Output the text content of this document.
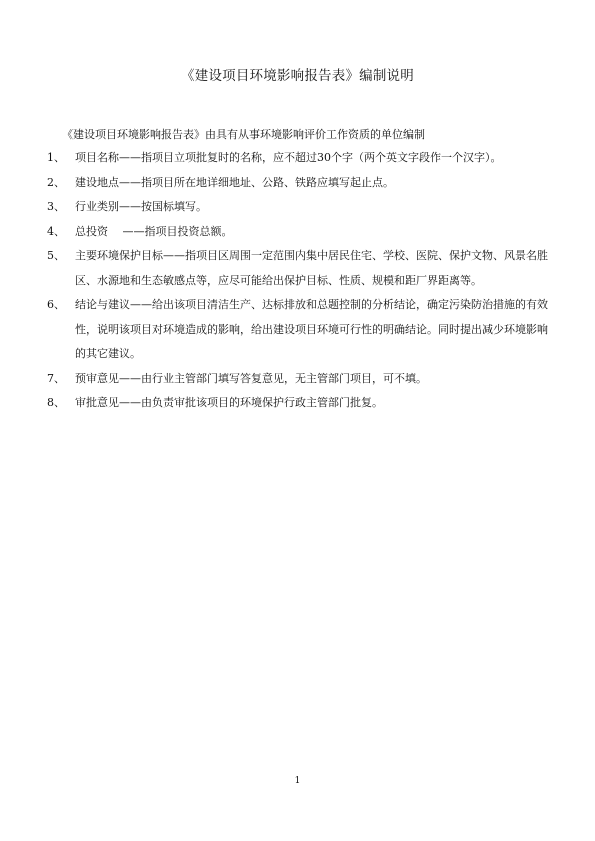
《建设项目环境影响报告表》编制说明

《建设项目环境影响报告表》由具有从事环境影响评价工作资质的单位编制

1、 项目名称——指项目立项批复时的名称，应不超过30个字（两个英文字段作一个汉字）。
2、 建设地点——指项目所在地详细地址、公路、铁路应填写起止点。
3、 行业类别——按国标填写。
4、 总投资　 ——指项目投资总额。
5、 主要环境保护目标——指项目区周围一定范围内集中居民住宅、学校、医院、保护文物、风景名胜区、水源地和生态敏感点等，应尽可能给出保护目标、性质、规模和距厂界距离等。
6、 结论与建议——给出该项目清洁生产、达标排放和总题控制的分析结论，确定污染防治措施的有效性，说明该项目对环境造成的影响，给出建设项目环境可行性的明确结论。同时提出减少环境影响的其它建议。
7、 预审意见——由行业主管部门填写答复意见，无主管部门项目，可不填。
8、 审批意见——由负责审批该项目的环境保护行政主管部门批复。
1
